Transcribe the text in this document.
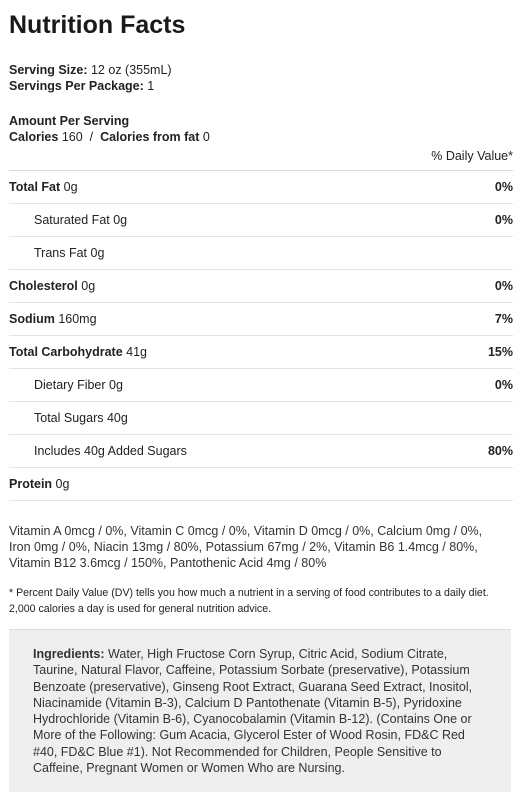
Nutrition Facts
Serving Size: 12 oz (355mL)
Servings Per Package: 1
Amount Per Serving
Calories 160 / Calories from fat 0
% Daily Value*
Total Fat 0g	0%
Saturated Fat 0g	0%
Trans Fat 0g
Cholesterol 0g	0%
Sodium 160mg	7%
Total Carbohydrate 41g	15%
Dietary Fiber 0g	0%
Total Sugars 40g
Includes 40g Added Sugars	80%
Protein 0g
Vitamin A 0mcg / 0%, Vitamin C 0mcg / 0%, Vitamin D 0mcg / 0%, Calcium 0mg / 0%, Iron 0mg / 0%, Niacin 13mg / 80%, Potassium 67mg / 2%, Vitamin B6 1.4mcg / 80%, Vitamin B12 3.6mcg / 150%, Pantothenic Acid 4mg / 80%
* Percent Daily Value (DV) tells you how much a nutrient in a serving of food contributes to a daily diet. 2,000 calories a day is used for general nutrition advice.
Ingredients: Water, High Fructose Corn Syrup, Citric Acid, Sodium Citrate, Taurine, Natural Flavor, Caffeine, Potassium Sorbate (preservative), Potassium Benzoate (preservative), Ginseng Root Extract, Guarana Seed Extract, Inositol, Niacinamide (Vitamin B-3), Calcium D Pantothenate (Vitamin B-5), Pyridoxine Hydrochloride (Vitamin B-6), Cyanocobalamin (Vitamin B-12). (Contains One or More of the Following: Gum Acacia, Glycerol Ester of Wood Rosin, FD&C Red #40, FD&C Blue #1). Not Recommended for Children, People Sensitive to Caffeine, Pregnant Women or Women Who are Nursing.
